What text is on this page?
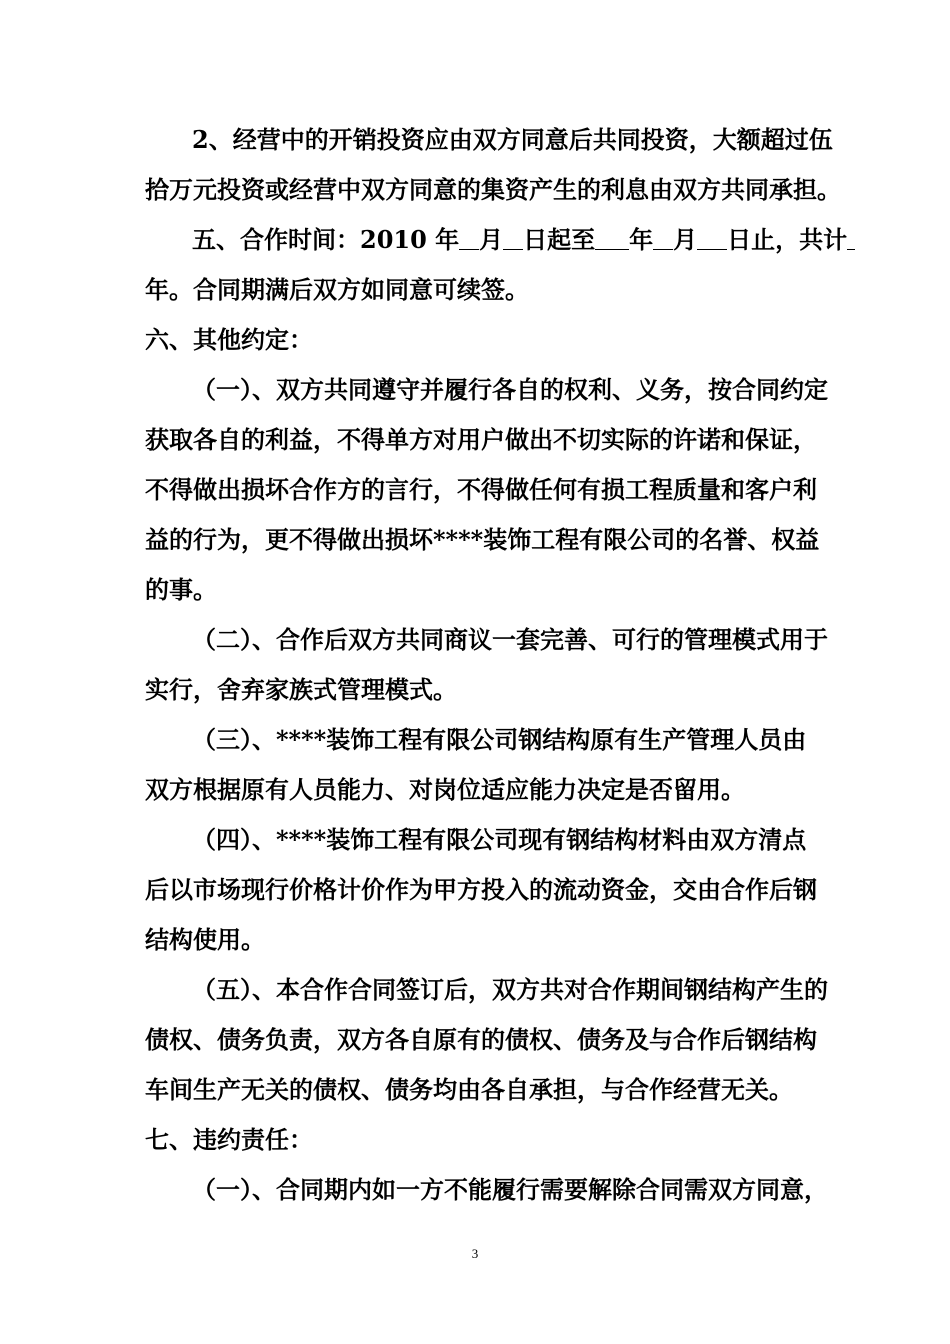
2、经营中的开销投资应由双方同意后共同投资，大额超过伍
拾万元投资或经营中双方同意的集资产生的利息由双方共同承担。
五、合作时间：2010 年 月 日起至 年 月 日止，共计
年。合同期满后双方如同意可续签。
六、其他约定：
（一）、双方共同遵守并履行各自的权利、义务，按合同约定
获取各自的利益，不得单方对用户做出不切实际的许诺和保证，
不得做出损坏合作方的言行，不得做任何有损工程质量和客户利
益的行为，更不得做出损坏****装饰工程有限公司的名誉、权益
的事。
（二）、合作后双方共同商议一套完善、可行的管理模式用于
实行，舍弃家族式管理模式。
（三）、****装饰工程有限公司钢结构原有生产管理人员由
双方根据原有人员能力、对岗位适应能力决定是否留用。
（四）、****装饰工程有限公司现有钢结构材料由双方清点
后以市场现行价格计价作为甲方投入的流动资金，交由合作后钢
结构使用。
（五）、本合作合同签订后，双方共对合作期间钢结构产生的
债权、债务负责，双方各自原有的债权、债务及与合作后钢结构
车间生产无关的债权、债务均由各自承担，与合作经营无关。
七、违约责任：
（一）、合同期内如一方不能履行需要解除合同需双方同意，
3
